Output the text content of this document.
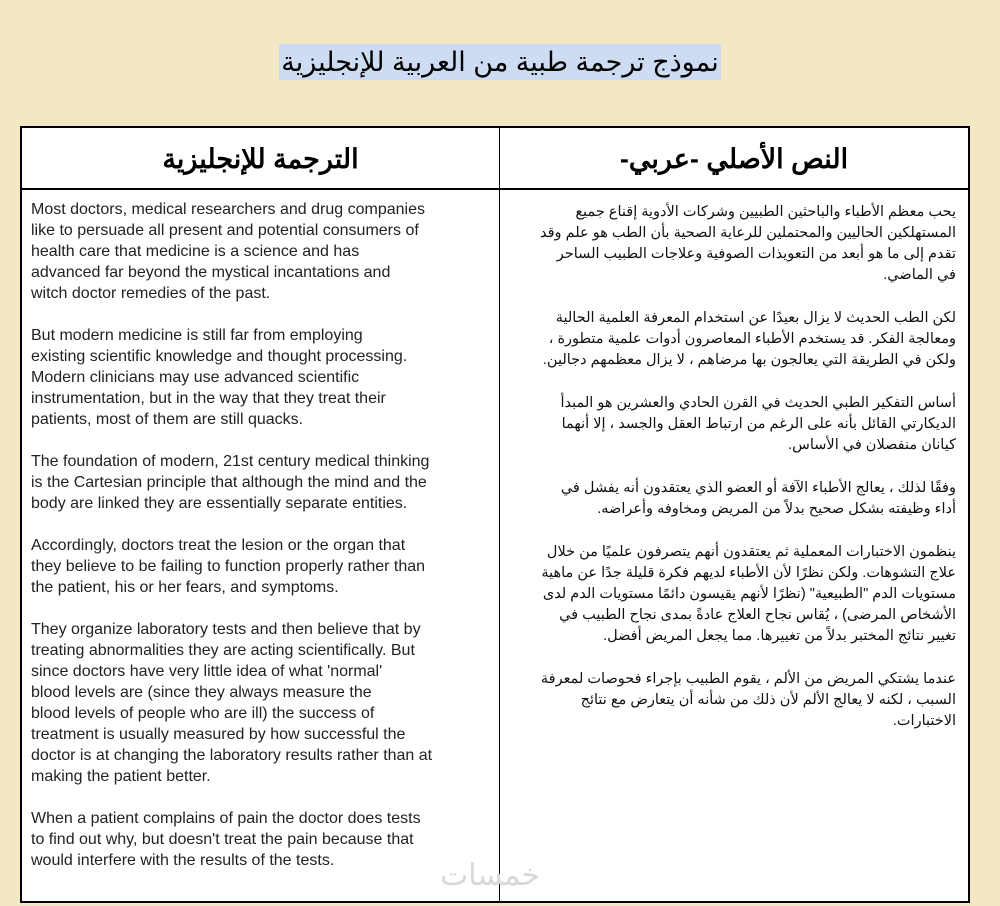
نموذج ترجمة طبية من العربية للإنجليزية
الترجمة للإنجليزية	النص الأصلي -عربي-
Most doctors, medical researchers and drug companies
like to persuade all present and potential consumers of
health care that medicine is a science and has
advanced far beyond the mystical incantations and
witch doctor remedies of the past.
But modern medicine is still far from employing
existing scientific knowledge and thought processing.
Modern clinicians may use advanced scientific
instrumentation, but in the way that they treat their
patients, most of them are still quacks.
The foundation of modern, 21st century medical thinking
is the Cartesian principle that although the mind and the
body are linked they are essentially separate entities.
Accordingly, doctors treat the lesion or the organ that
they believe to be failing to function properly rather than
the patient, his or her fears, and symptoms.
They organize laboratory tests and then believe that by
treating abnormalities they are acting scientifically. But
since doctors have very little idea of what 'normal'
blood levels are (since they always measure the
blood levels of people who are ill) the success of
treatment is usually measured by how successful the
doctor is at changing the laboratory results rather than at
making the patient better.
When a patient complains of pain the doctor does tests
to find out why, but doesn't treat the pain because that
would interfere with the results of the tests.
يحب معظم الأطباء والباحثين الطبيين وشركات الأدوية إقناع جميع
المستهلكين الحاليين والمحتملين للرعاية الصحية بأن الطب هو علم وقد
تقدم إلى ما هو أبعد من التعويذات الصوفية وعلاجات الطبيب الساحر
في الماضي.
لكن الطب الحديث لا يزال بعيدًا عن استخدام المعرفة العلمية الحالية
ومعالجة الفكر. قد يستخدم الأطباء المعاصرون أدوات علمية متطورة ،
ولكن في الطريقة التي يعالجون بها مرضاهم ، لا يزال معظمهم دجالين.
أساس التفكير الطبي الحديث في القرن الحادي والعشرين هو المبدأ
الديكارتي القائل بأنه على الرغم من ارتباط العقل والجسد ، إلا أنهما
كيانان منفصلان في الأساس.
وفقًا لذلك ، يعالج الأطباء الآفة أو العضو الذي يعتقدون أنه يفشل في
أداء وظيفته بشكل صحيح بدلاً من المريض ومخاوفه وأعراضه.
ينظمون الاختبارات المعملية ثم يعتقدون أنهم يتصرفون علميًا من خلال
علاج التشوهات. ولكن نظرًا لأن الأطباء لديهم فكرة قليلة جدًا عن ماهية
مستويات الدم "الطبيعية" (نظرًا لأنهم يقيسون دائمًا مستويات الدم لدى
الأشخاص المرضى) ، يُقاس نجاح العلاج عادةً بمدى نجاح الطبيب في
تغيير نتائج المختبر بدلاً من تغييرها. مما يجعل المريض أفضل.
عندما يشتكي المريض من الألم ، يقوم الطبيب بإجراء فحوصات لمعرفة
السبب ، لكنه لا يعالج الألم لأن ذلك من شأنه أن يتعارض مع نتائج
الاختبارات.
خمسات
